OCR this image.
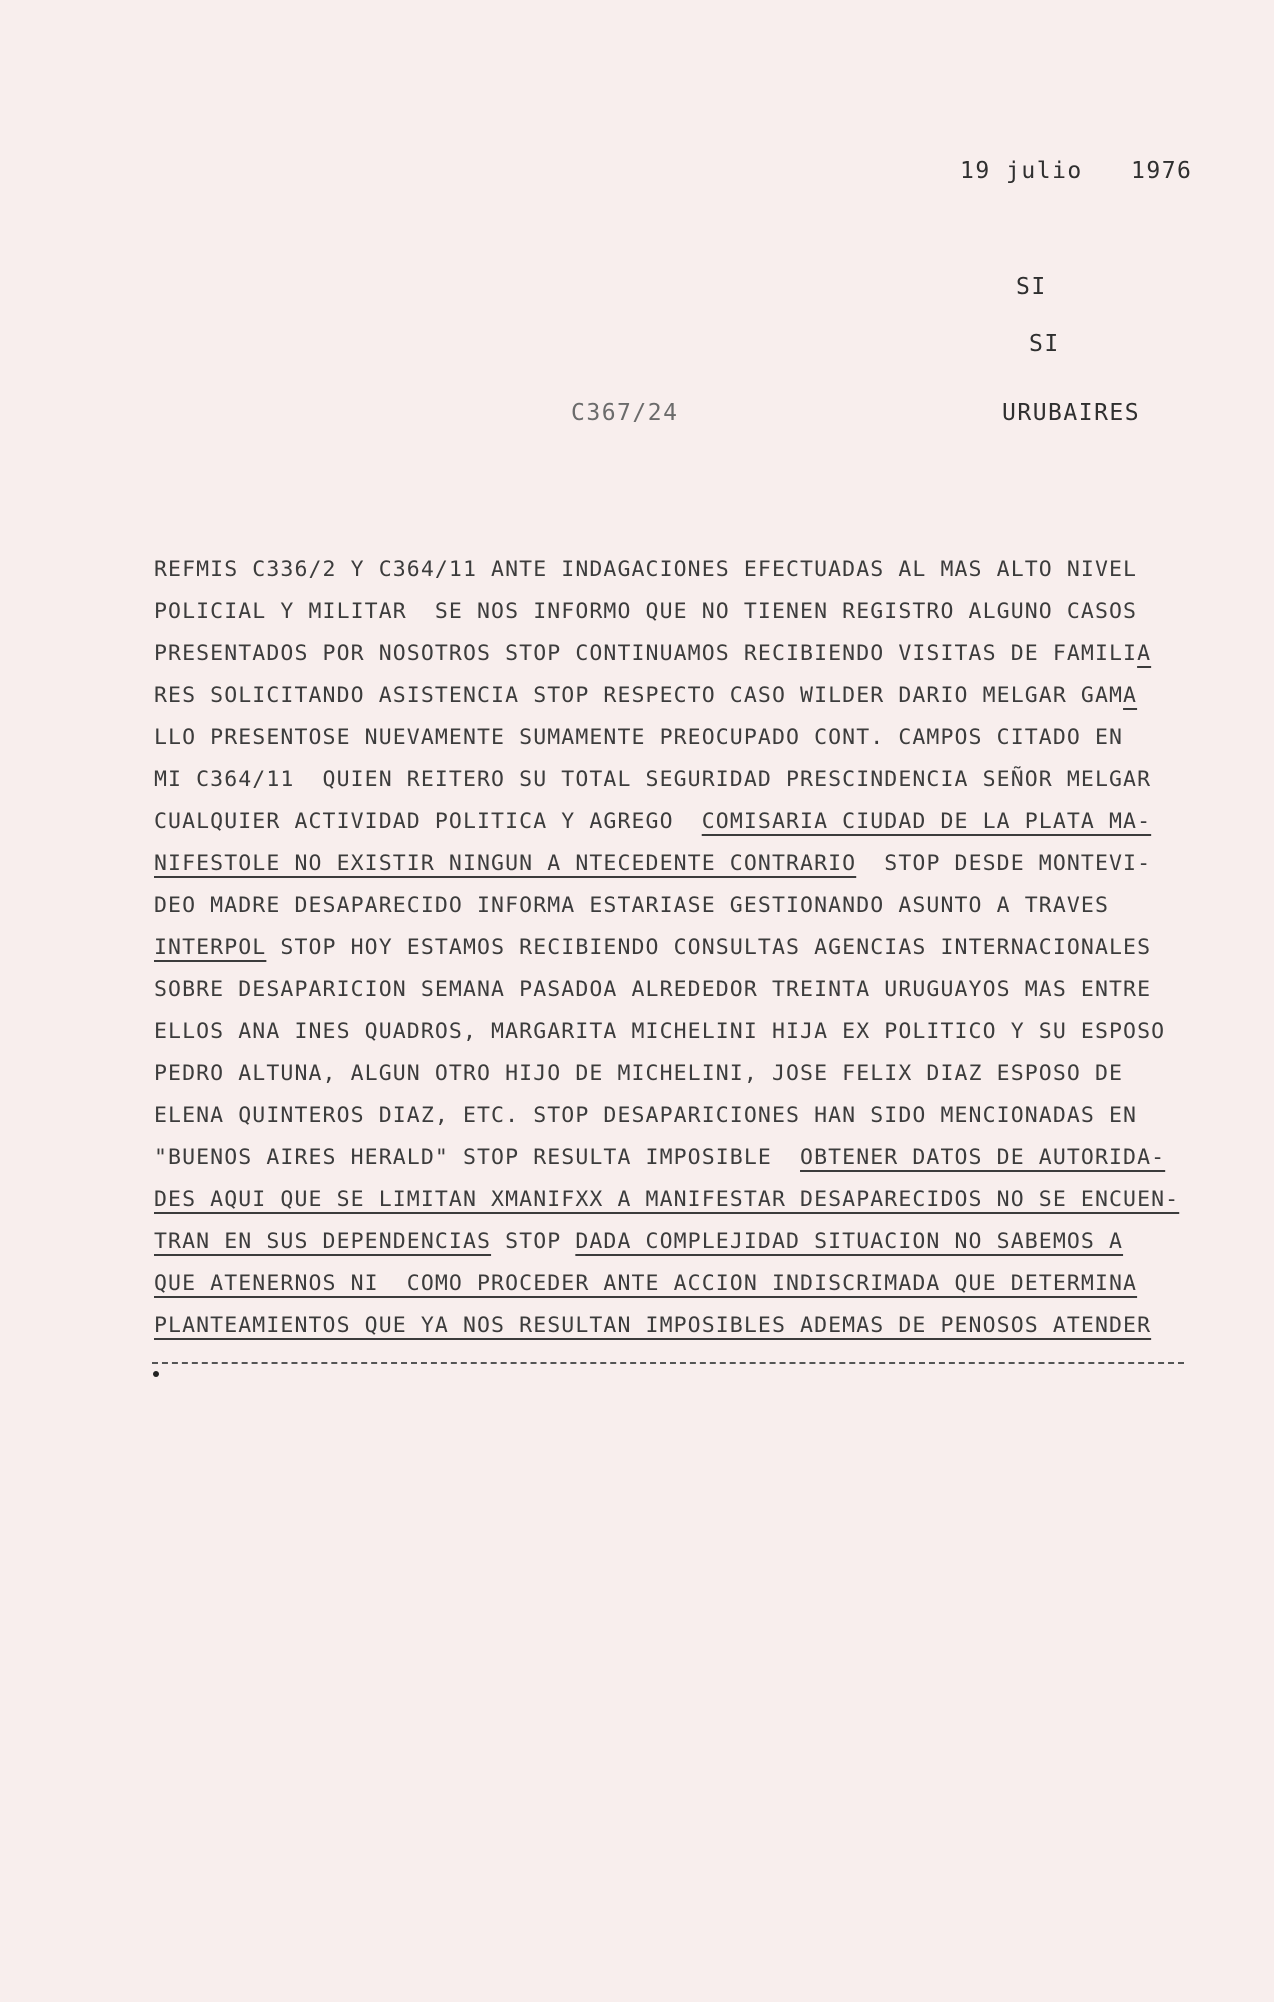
19 julio 1976
SI
SI
C367/24	URUBAIRES
REFMIS C336/2 Y C364/11 ANTE INDAGACIONES EFECTUADAS AL MAS ALTO NIVEL
POLICIAL Y MILITAR  SE NOS INFORMO QUE NO TIENEN REGISTRO ALGUNO CASOS
PRESENTADOS POR NOSOTROS STOP CONTINUAMOS RECIBIENDO VISITAS DE FAMILIA
RES SOLICITANDO ASISTENCIA STOP RESPECTO CASO WILDER DARIO MELGAR GAMA
LLO PRESENTOSE NUEVAMENTE SUMAMENTE PREOCUPADO CONT. CAMPOS CITADO EN
MI C364/11  QUIEN REITERO SU TOTAL SEGURIDAD PRESCINDENCIA SEÑOR MELGAR
CUALQUIER ACTIVIDAD POLITICA Y AGREGO  COMISARIA CIUDAD DE LA PLATA MA-
NIFESTOLE NO EXISTIR NINGUN A NTECEDENTE CONTRARIO  STOP DESDE MONTEVI-
DEO MADRE DESAPARECIDO INFORMA ESTARIASE GESTIONANDO ASUNTO A TRAVES
INTERPOL STOP HOY ESTAMOS RECIBIENDO CONSULTAS AGENCIAS INTERNACIONALES
SOBRE DESAPARICION SEMANA PASADOA ALREDEDOR TREINTA URUGUAYOS MAS ENTRE
ELLOS ANA INES QUADROS, MARGARITA MICHELINI HIJA EX POLITICO Y SU ESPOSO
PEDRO ALTUNA, ALGUN OTRO HIJO DE MICHELINI, JOSE FELIX DIAZ ESPOSO DE
ELENA QUINTEROS DIAZ, ETC. STOP DESAPARICIONES HAN SIDO MENCIONADAS EN
"BUENOS AIRES HERALD" STOP RESULTA IMPOSIBLE  OBTENER DATOS DE AUTORIDA-
DES AQUI QUE SE LIMITAN XMANIFXX A MANIFESTAR DESAPARECIDOS NO SE ENCUEN-
TRAN EN SUS DEPENDENCIAS STOP DADA COMPLEJIDAD SITUACION NO SABEMOS A
QUE ATENERNOS NI  COMO PROCEDER ANTE ACCION INDISCRIMADA QUE DETERMINA
PLANTEAMIENTOS QUE YA NOS RESULTAN IMPOSIBLES ADEMAS DE PENOSOS ATENDER
